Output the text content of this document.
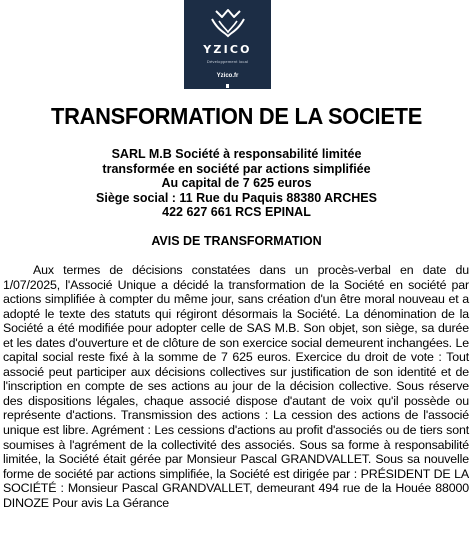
YZICO
Développement local
Yzico.fr
TRANSFORMATION DE LA SOCIETE
SARL M.B Société à responsabilité limitée
transformée en société par actions simplifiée
Au capital de 7 625 euros
Siège social : 11 Rue du Paquis 88380 ARCHES
422 627 661 RCS EPINAL
AVIS DE TRANSFORMATION

Aux termes de décisions constatées dans un procès-verbal en date du 1/07/2025, l'Associé Unique a décidé la transformation de la Société en société par actions simplifiée à compter du même jour, sans création d'un être moral nouveau et a adopté le texte des statuts qui régiront désormais la Société. La dénomination de la Société a été modifiée pour adopter celle de SAS M.B. Son objet, son siège, sa durée et les dates d'ouverture et de clôture de son exercice social demeurent inchangées. Le capital social reste fixé à la somme de 7 625 euros. Exercice du droit de vote : Tout associé peut participer aux décisions collectives sur justification de son identité et de l'inscription en compte de ses actions au jour de la décision collective. Sous réserve des dispositions légales, chaque associé dispose d'autant de voix qu'il possède ou représente d'actions. Transmission des actions : La cession des actions de l'associé unique est libre. Agrément : Les cessions d'actions au profit d'associés ou de tiers sont soumises à l'agrément de la collectivité des associés. Sous sa forme à responsabilité limitée, la Société était gérée par Monsieur Pascal GRANDVALLET. Sous sa nouvelle forme de société par actions simplifiée, la Société est dirigée par : PRÉSIDENT DE LA SOCIÉTÉ : Monsieur Pascal GRANDVALLET, demeurant 494 rue de la Houée 88000 DINOZE Pour avis La Gérance
